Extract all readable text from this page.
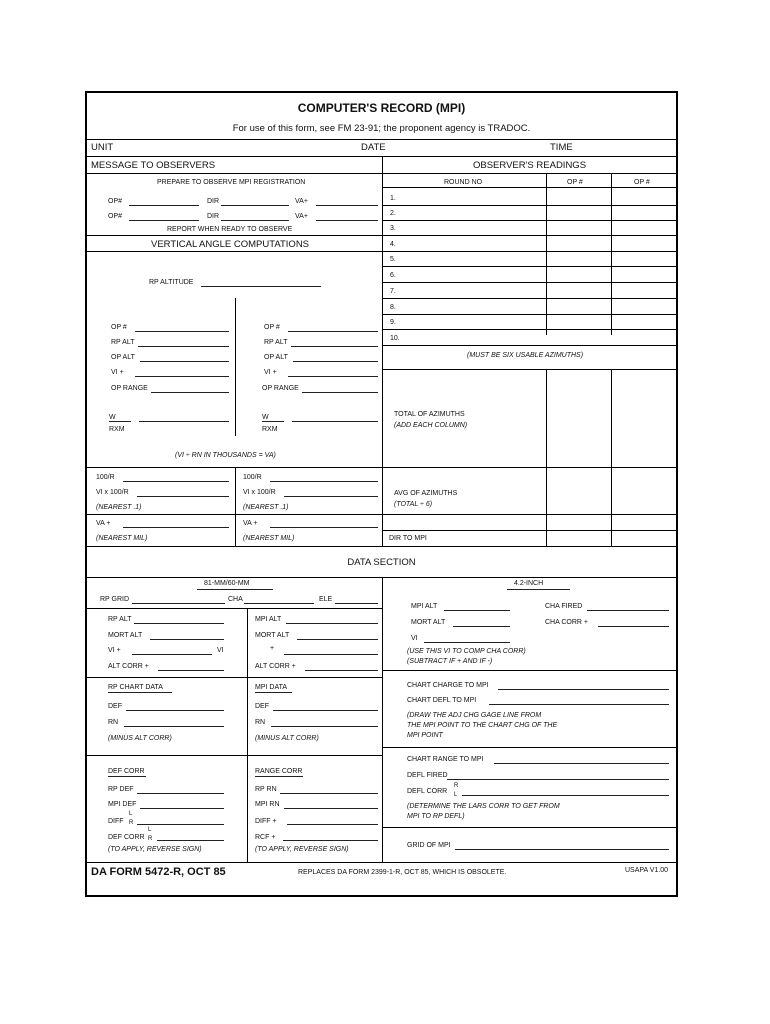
COMPUTER'S RECORD (MPI)
For use of this form, see FM 23-91; the proponent agency is TRADOC.
UNIT	DATE	TIME
MESSAGE TO OBSERVERS
PREPARE TO OBSERVE MPI REGISTRATION
OP#	DIR	VA+
OP#	DIR	VA+
REPORT WHEN READY TO OBSERVE
VERTICAL ANGLE COMPUTATIONS
RP ALTITUDE
OP #
RP ALT
OP ALT
VI +
OP RANGE
W
RXM
OP #
RP ALT
OP ALT
VI +
OP RANGE
W
RXM
(VI ÷ RN IN THOUSANDS = VA)
100/R
VI x 100/R
(NEAREST .1)
VA +
(NEAREST MIL)
100/R
VI x 100/R
(NEAREST .1)
VA +
(NEAREST MIL)
OBSERVER'S READINGS
ROUND NO	OP #	OP #
1.
2.
3.
4.
5.
6.
7.
8.
9.
10.
(MUST BE SIX USABLE AZIMUTHS)
TOTAL OF AZIMUTHS
(ADD EACH COLUMN)
AVG OF AZIMUTHS
(TOTAL ÷ 6)
DIR TO MPI
DATA SECTION
81-MM/60-MM	4.2-INCH
RP GRID	CHA	ELE
RP ALT
MORT ALT
VI +	VI
ALT CORR +
RP CHART DATA
DEF
RN
(MINUS ALT CORR)
DEF CORR
RP DEF
MPI DEF
DIFF
L
R
DEF CORR
L
R
(TO APPLY, REVERSE SIGN)
MPI ALT
MORT ALT
+
ALT CORR +
MPI DATA
DEF
RN
(MINUS ALT CORR)
RANGE CORR
RP RN
MPI RN
DIFF +
RCF +
(TO APPLY, REVERSE SIGN)
MPI ALT	CHA FIRED
MORT ALT	CHA CORR +
VI
(USE THIS VI TO COMP CHA CORR)
(SUBTRACT IF + AND IF -)
CHART CHARGE TO MPI
CHART DEFL TO MPI
(DRAW THE ADJ CHG GAGE LINE FROM
THE MPI POINT TO THE CHART CHG OF THE
MPI POINT
CHART RANGE TO MPI
DEFL FIRED
DEFL CORR
R
L
(DETERMINE THE LARS CORR TO GET FROM
MPI TO RP DEFL)
GRID OF MPI
DA FORM 5472-R, OCT 85	REPLACES DA FORM 2399-1-R, OCT 85, WHICH IS OBSOLETE.	USAPA V1.00
